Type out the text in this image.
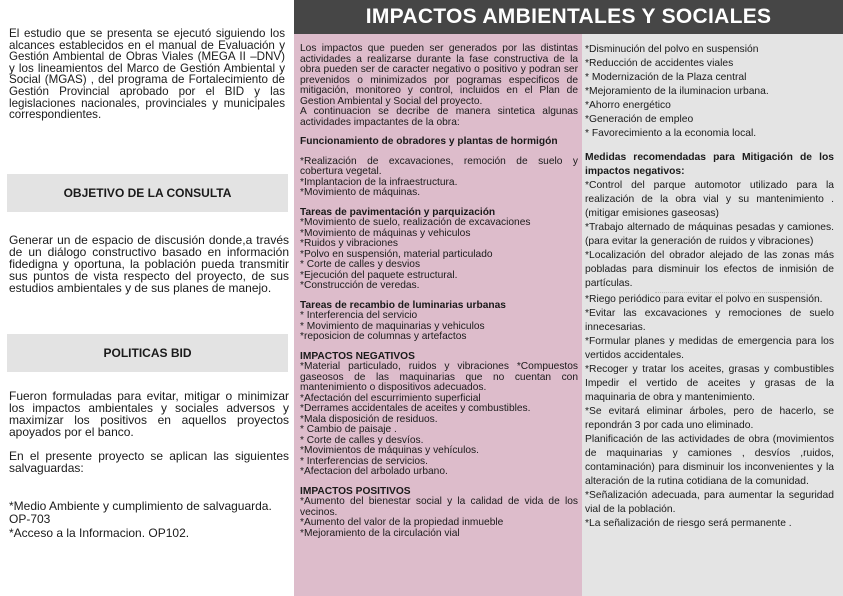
El estudio que se presenta se ejecutó siguiendo los alcances establecidos en el manual de Evaluación y Gestión Ambiental de Obras Viales (MEGA II –DNV) y los lineamientos del Marco de Gestión Ambiental y Social (MGAS) , del programa de Fortalecimiento de Gestión Provincial aprobado por el BID y las legislaciones nacionales, provinciales y municipales correspondientes.

OBJETIVO DE LA CONSULTA

Generar un de espacio de discusión donde,a través de un diálogo constructivo basado en información fidedigna y oportuna, la población pueda transmitir sus puntos de vista respecto del proyecto, de sus estudios ambientales y de sus planes de manejo.

POLITICAS BID

Fueron formuladas para evitar, mitigar o minimizar los impactos ambientales y sociales adversos y maximizar los positivos en aquellos proyectos apoyados por el banco.

En el presente proyecto se aplican las siguientes salvaguardas:

*Medio Ambiente y cumplimiento de salvaguarda. OP-703

*Acceso a la Informacion. OP102.

IMPACTOS AMBIENTALES Y SOCIALES

Los impactos que pueden ser generados por las distintas actividades a realizarse durante la fase constructiva de la obra pueden ser de caracter negativo o positivo y podran ser prevenidos o minimizados por pogramas especificos de mitigación, monitoreo y control, incluidos en el Plan de Gestion Ambiental y Social del proyecto.

A continuacion se decribe de manera sintetica algunas actividades impactantes de la obra:

Funcionamiento de obradores y plantas de hormigón

*Realización de excavaciones, remoción de suelo y cobertura vegetal.

*Implantacion de la infraestructura.

*Movimiento de máquinas.

Tareas de pavimentación y parquización

*Movimiento de suelo, realización de excavaciones

*Movimiento de máquinas y vehiculos

*Ruidos y vibraciones

*Polvo en suspensión, material particulado

* Corte de calles y desvios

*Ejecución del paquete estructural.

*Construcción de veredas.

Tareas de recambio de luminarias urbanas

* Interferencia del servicio

* Movimiento de maquinarias y vehiculos

*reposicion de columnas y artefactos

IMPACTOS NEGATIVOS

*Material particulado, ruidos y vibraciones *Compuestos gaseosos de las maquinarias que no cuentan con mantenimiento o dispositivos adecuados.

*Afectación del escurrimiento superficial

*Derrames accidentales de aceites y combustibles.

*Mala disposición de residuos.

* Cambio de paisaje .

* Corte de calles y desvíos.

*Movimientos de máquinas y vehículos.

* Interferencias de servicios.

*Afectacion del arbolado urbano.

IMPACTOS POSITIVOS

*Aumento del bienestar social y la calidad de vida de los vecinos.

*Aumento del valor de la propiedad inmueble

*Mejoramiento de la circulación vial

*Disminución del polvo en suspensión

*Reducción de accidentes viales

* Modernización de la Plaza central

*Mejoramiento de la iluminacion urbana.

*Ahorro energético

*Generación de empleo

* Favorecimiento a la economia local.

Medidas recomendadas para Mitigación de los impactos negativos:

*Control del parque automotor utilizado para la realización de la obra vial y su mantenimiento . (mitigar emisiones gaseosas)

*Trabajo alternado de máquinas pesadas y camiones.(para evitar la generación de ruidos y vibraciones)

*Localización del obrador alejado de las zonas más pobladas para disminuir los efectos de inmisión de partículas.

*Riego periódico para evitar el polvo en suspensión.

*Evitar las excavaciones y remociones de suelo innecesarias.

*Formular planes y medidas de emergencia para los vertidos accidentales.

*Recoger y tratar los aceites, grasas y combustibles Impedir el vertido de aceites y grasas de la maquinaria de obra y mantenimiento.

*Se evitará eliminar árboles, pero de hacerlo, se repondrán 3 por cada uno eliminado.

Planificación de las actividades de obra (movimientos de maquinarias y camiones , desvíos ,ruidos, contaminación) para disminuir los inconvenientes y la alteración de la rutina cotidiana de la comunidad.

*Señalización adecuada, para aumentar la seguridad vial de la población.

*La señalización de riesgo será permanente .
